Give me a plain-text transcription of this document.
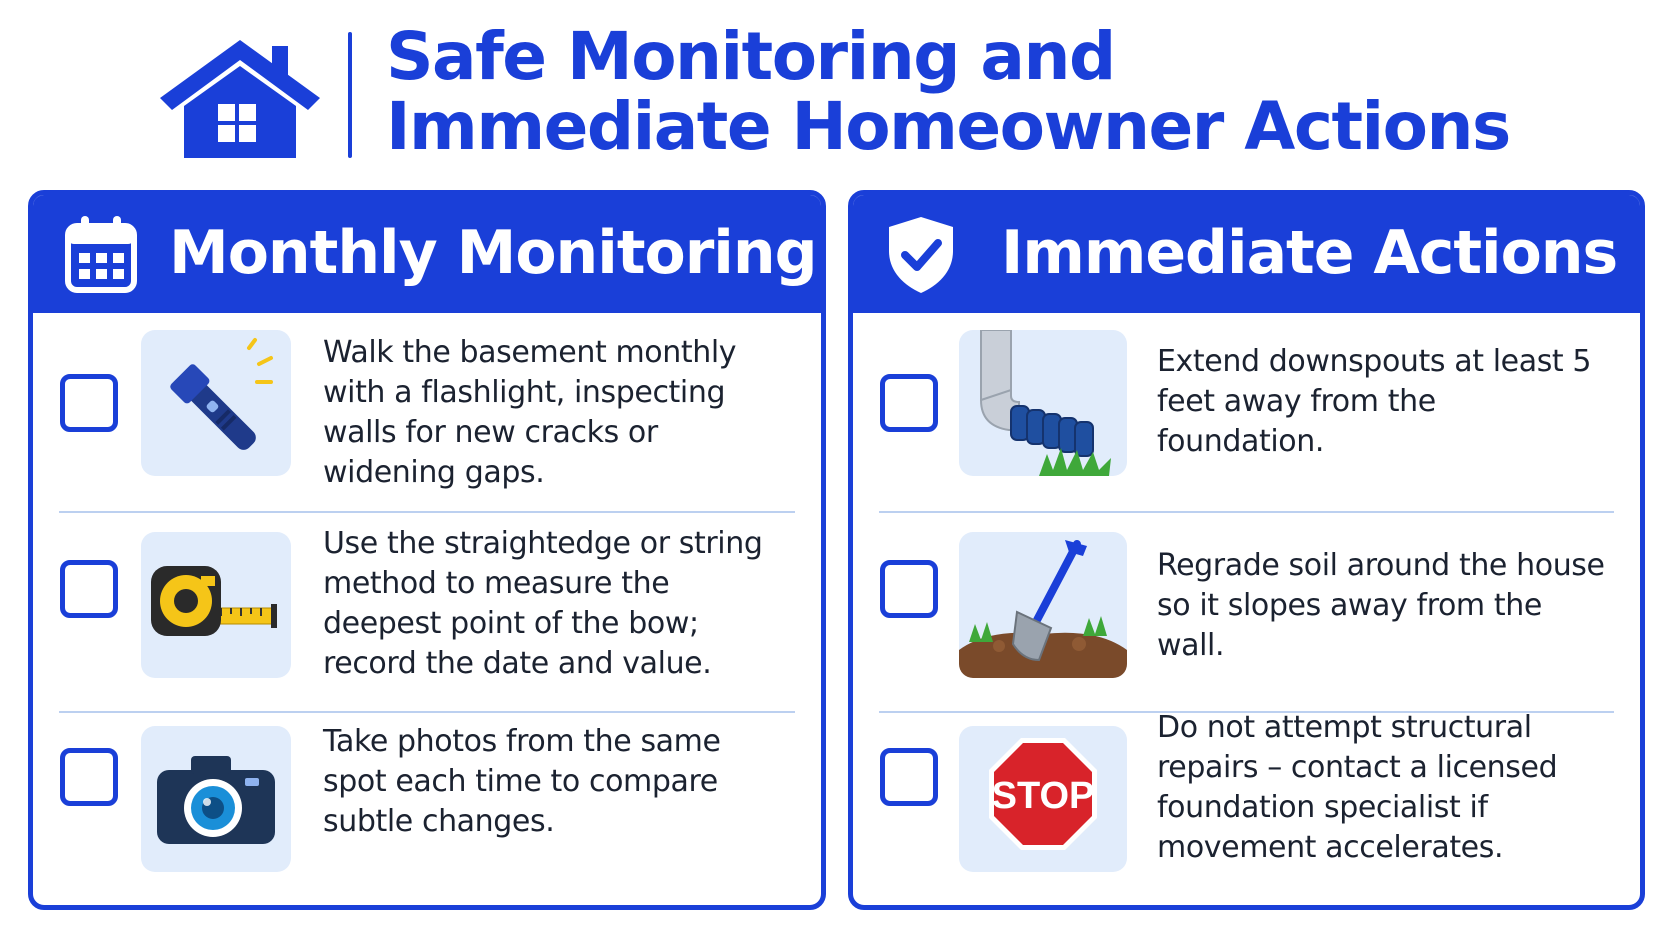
Safe Monitoring and
Immediate Homeowner Actions
Monthly Monitoring
Walk the basement monthly with a flashlight, inspecting walls for new cracks or widening gaps.
Use the straightedge or string method to measure the deepest point of the bow; record the date and value.
Take photos from the same spot each time to compare subtle changes.
Immediate Actions
Extend downspouts at least 5 feet away from the foundation.
Regrade soil around the house so it slopes away from the wall.
STOP
Do not attempt structural repairs – contact a licensed foundation specialist if movement accelerates.
